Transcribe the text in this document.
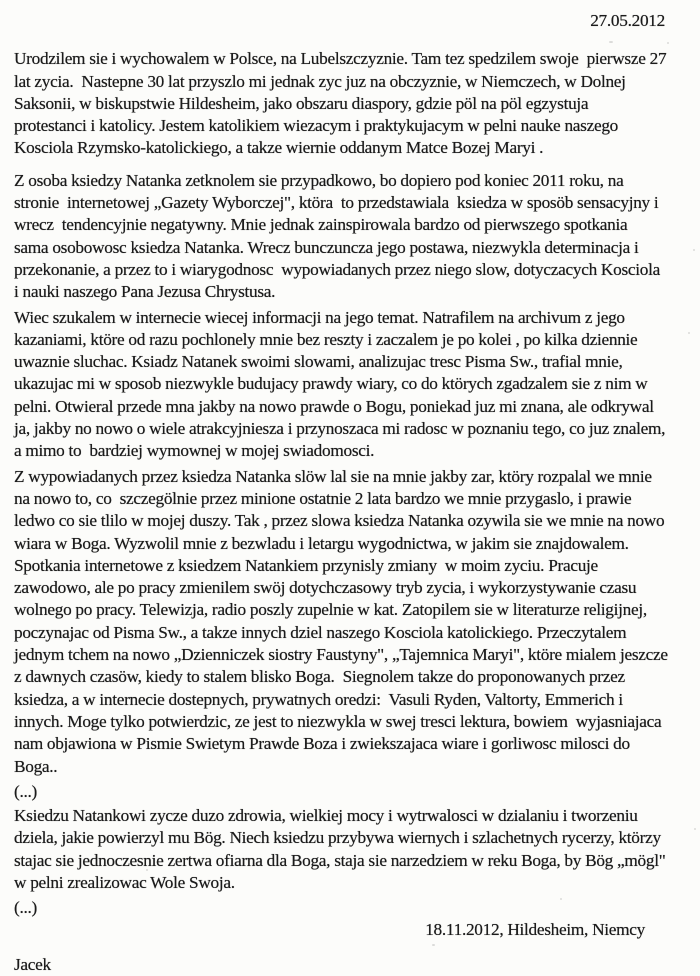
27.05.2012
Urodzilem sie i wychowalem w Polsce, na Lubelszczyznie. Tam tez spedzilem swoje  pierwsze 27
lat zycia.  Nastepne 30 lat przyszlo mi jednak zyc juz na obczyznie, w Niemczech, w Dolnej
Saksonii, w biskupstwie Hildesheim, jako obszaru diaspory, gdzie pöl na pöl egzystuja
protestanci i katolicy. Jestem katolikiem wiezacym i praktykujacym w pelni nauke naszego
Kosciola Rzymsko-katolickiego, a takze wiernie oddanym Matce Bozej Maryi .
Z osoba ksiedzy Natanka zetknolem sie przypadkowo, bo dopiero pod koniec 2011 roku, na
stronie  internetowej „Gazety Wyborczej", ktöra  to przedstawiala  ksiedza w sposöb sensacyjny i
wrecz  tendencyjnie negatywny. Mnie jednak zainspirowala bardzo od pierwszego spotkania
sama osobowosc ksiedza Natanka. Wrecz bunczuncza jego postawa, niezwykla determinacja i
przekonanie, a przez to i wiarygodnosc  wypowiadanych przez niego slow, dotyczacych Kosciola
i nauki naszego Pana Jezusa Chrystusa.
Wiec szukalem w internecie wiecej informacji na jego temat. Natrafilem na archivum z jego
kazaniami, ktöre od razu pochlonely mnie bez reszty i zaczalem je po kolei , po kilka dziennie
uwaznie sluchac. Ksiadz Natanek swoimi slowami, analizujac tresc Pisma Sw., trafial mnie,
ukazujac mi w sposob niezwykle budujacy prawdy wiary, co do ktörych zgadzalem sie z nim w
pelni. Otwieral przede mna jakby na nowo prawde o Bogu, poniekad juz mi znana, ale odkrywal
ja, jakby no nowo o wiele atrakcyjniesza i przynoszaca mi radosc w poznaniu tego, co juz znalem,
a mimo to  bardziej wymownej w mojej swiadomosci.
Z wypowiadanych przez ksiedza Natanka slöw lal sie na mnie jakby zar, ktöry rozpalal we mnie
na nowo to, co  szczegölnie przez minione ostatnie 2 lata bardzo we mnie przygaslo, i prawie
ledwo co sie tlilo w mojej duszy. Tak , przez slowa ksiedza Natanka ozywila sie we mnie na nowo
wiara w Boga. Wyzwolil mnie z bezwladu i letargu wygodnictwa, w jakim sie znajdowalem.
Spotkania internetowe z ksiedzem Natankiem przynisly zmiany  w moim zyciu. Pracuje
zawodowo, ale po pracy zmienilem swöj dotychczasowy tryb zycia, i wykorzystywanie czasu
wolnego po pracy. Telewizja, radio poszly zupelnie w kat. Zatopilem sie w literaturze religijnej,
poczynajac od Pisma Sw., a takze innych dziel naszego Kosciola katolickiego. Przeczytalem
jednym tchem na nowo „Dzienniczek siostry Faustyny", „Tajemnica Maryi", ktöre mialem jeszcze
z dawnych czasöw, kiedy to stalem blisko Boga.  Siegnolem takze do proponowanych przez
ksiedza, a w internecie dostepnych, prywatnych oredzi:  Vasuli Ryden, Valtorty, Emmerich i
innych. Moge tylko potwierdzic, ze jest to niezwykla w swej tresci lektura, bowiem  wyjasniajaca
nam objawiona w Pismie Swietym Prawde Boza i zwiekszajaca wiare i gorliwosc milosci do
Boga..
(...)
Ksiedzu Natankowi zycze duzo zdrowia, wielkiej mocy i wytrwalosci w dzialaniu i tworzeniu
dziela, jakie powierzyl mu Bög. Niech ksiedzu przybywa wiernych i szlachetnych rycerzy, ktörzy
stajac sie jednoczesnie zertwa ofiarna dla Boga, staja sie narzedziem w reku Boga, by Bög „mögl"
w pelni zrealizowac Wole Swoja.
(...)
18.11.2012, Hildesheim, Niemcy
Jacek
